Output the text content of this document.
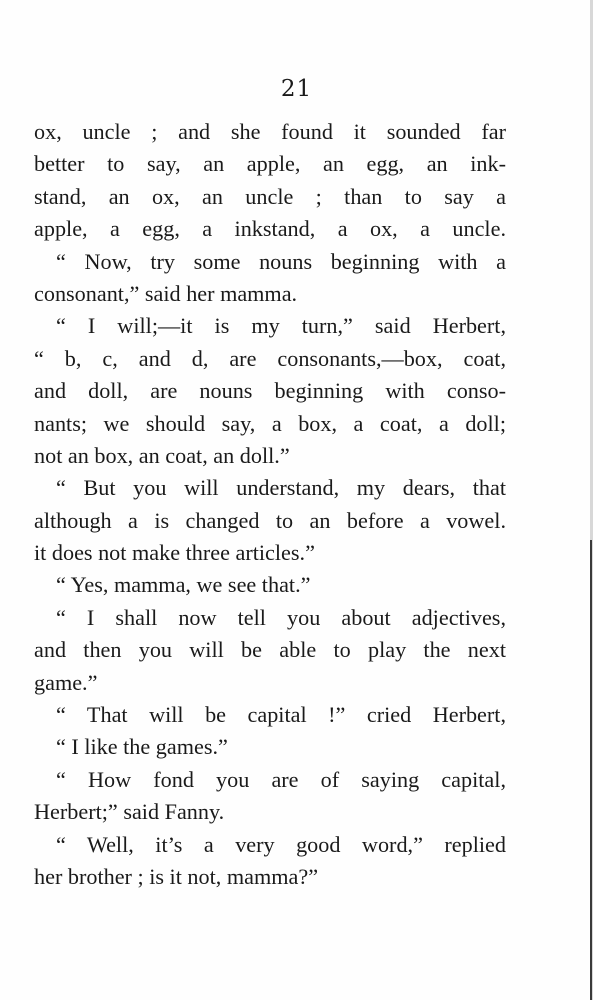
21
ox, uncle ; and she found it sounded far
better to say, an apple, an egg, an ink-
stand, an ox, an uncle ; than to say a
apple, a egg, a inkstand, a ox, a uncle.
“ Now, try some nouns beginning with a
consonant,” said her mamma.
“ I will;—it is my turn,” said Herbert,
“ b, c, and d, are consonants,—box, coat,
and doll, are nouns beginning with conso-
nants; we should say, a box, a coat, a doll;
not an box, an coat, an doll.”
“ But you will understand, my dears, that
although a is changed to an before a vowel.
it does not make three articles.”
“ Yes, mamma, we see that.”
“ I shall now tell you about adjectives,
and then you will be able to play the next
game.”
“ That will be capital !” cried Herbert,
“ I like the games.”
“ How fond you are of saying capital,
Herbert;” said Fanny.
“ Well, it’s a very good word,” replied
her brother ; is it not, mamma?”
